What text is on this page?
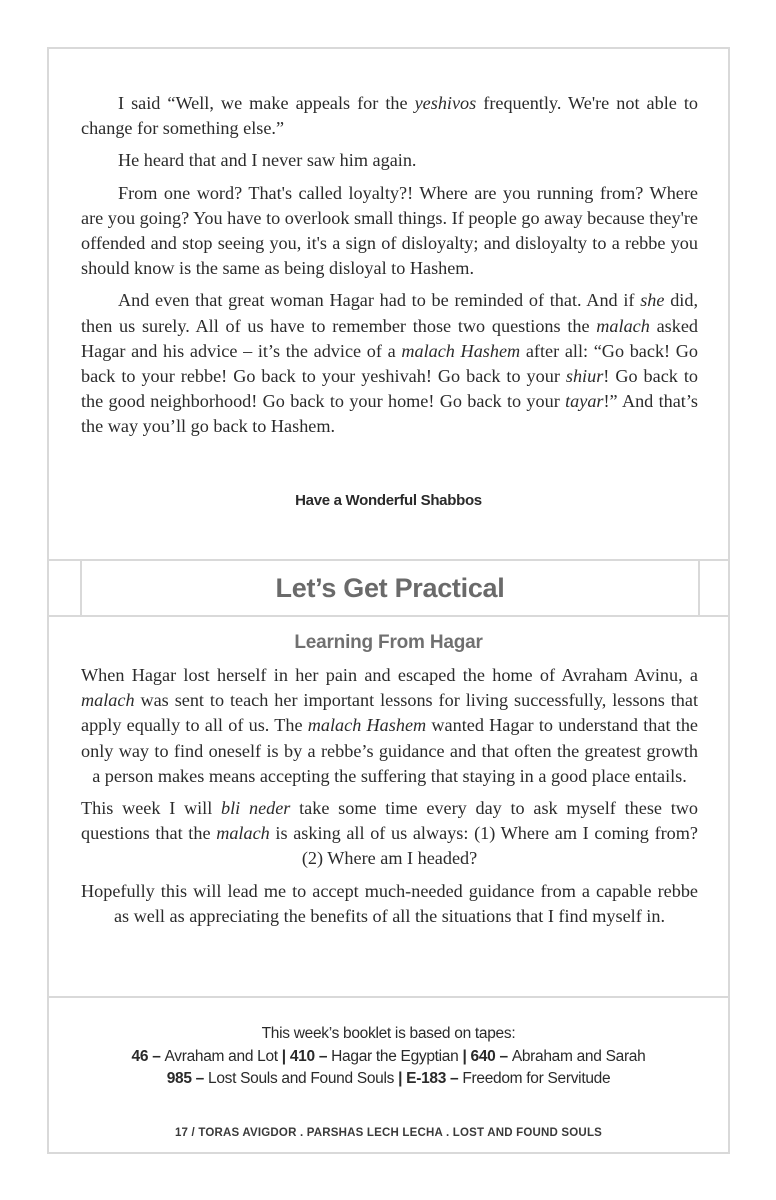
I said “Well, we make appeals for the yeshivos frequently. We're not able to change for something else.”

He heard that and I never saw him again.

From one word? That's called loyalty?! Where are you running from? Where are you going? You have to overlook small things. If people go away because they're offended and stop seeing you, it's a sign of disloyalty; and disloyalty to a rebbe you should know is the same as being disloyal to Hashem.

And even that great woman Hagar had to be reminded of that. And if she did, then us surely. All of us have to remember those two questions the malach asked Hagar and his advice – it’s the advice of a malach Hashem after all: “Go back! Go back to your rebbe! Go back to your yeshivah! Go back to your shiur! Go back to the good neighborhood! Go back to your home! Go back to your tayar!” And that’s the way you’ll go back to Hashem.

Have a Wonderful Shabbos
Let’s Get Practical
Learning From Hagar

When Hagar lost herself in her pain and escaped the home of Avraham Avinu, a malach was sent to teach her important lessons for living successfully, lessons that apply equally to all of us. The malach Hashem wanted Hagar to understand that the only way to find oneself is by a rebbe’s guidance and that often the greatest growth a person makes means accepting the suffering that staying in a good place entails.

This week I will bli neder take some time every day to ask myself these two questions that the malach is asking all of us always: (1) Where am I coming from? (2) Where am I headed?

Hopefully this will lead me to accept much-needed guidance from a capable rebbe as well as appreciating the benefits of all the situations that I find myself in.

This week’s booklet is based on tapes:
46 – Avraham and Lot | 410 – Hagar the Egyptian | 640 – Abraham and Sarah
985 – Lost Souls and Found Souls | E-183 – Freedom for Servitude
17 / TORAS AVIGDOR . PARSHAS LECH LECHA . LOST AND FOUND SOULS
